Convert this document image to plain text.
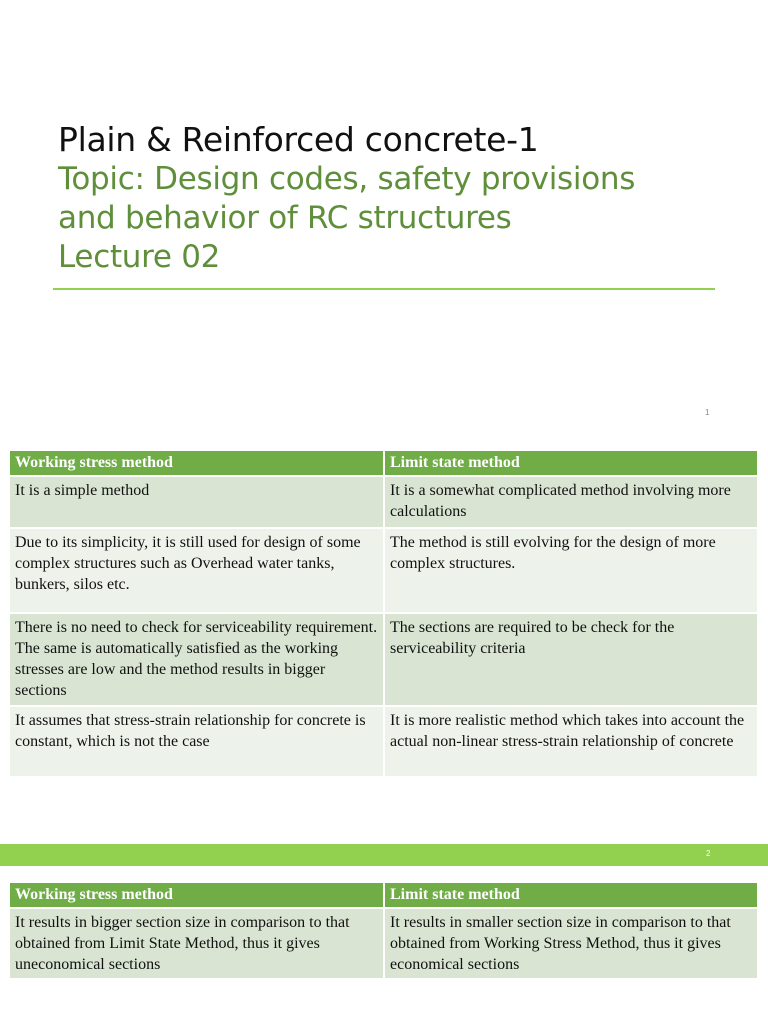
Plain & Reinforced concrete-1
Topic: Design codes, safety provisions
and behavior of RC structures
Lecture 02
1
Working stress method	Limit state method
It is a simple method	It is a somewhat complicated method involving more calculations
Due to its simplicity, it is still used for design of some complex structures such as Overhead water tanks, bunkers, silos etc.	The method is still evolving for the design of more complex structures.
There is no need to check for serviceability requirement. The same is automatically satisfied as the working stresses are low and the method results in bigger sections	The sections are required to be check for the serviceability criteria
It assumes that stress-strain relationship for concrete is constant, which is not the case	It is more realistic method which takes into account the actual non-linear stress-strain relationship of concrete
2
Working stress method	Limit state method
It results in bigger section size in comparison to that obtained from Limit State Method, thus it gives uneconomical sections	It results in smaller section size in comparison to that obtained from Working Stress Method, thus it gives economical sections
